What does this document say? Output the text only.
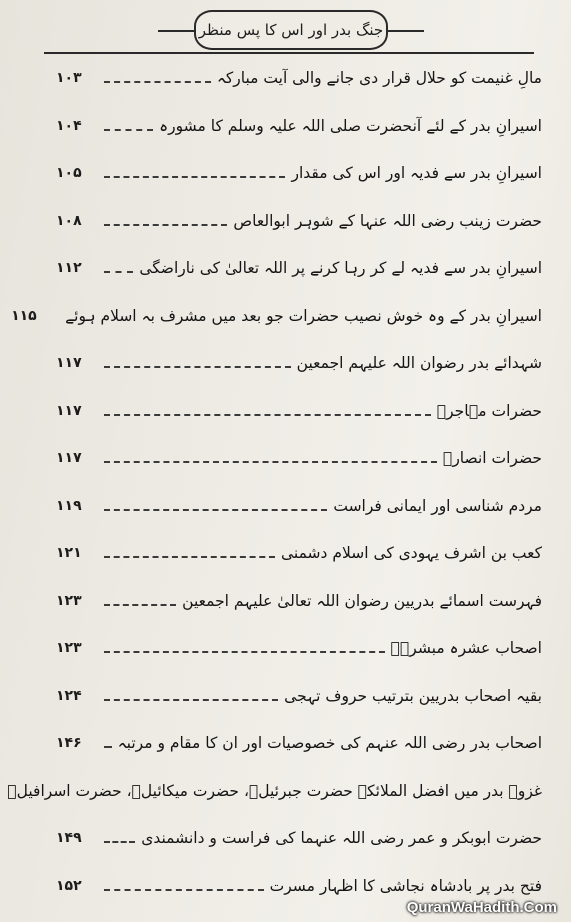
جنگ بدر اور اس کا پس منظر
مالِ غنیمت کو حلال قرار دی جانے والی آیت مبارکہ
۱۰۳
اسیرانِ بدر کے لئے آنحضرت صلی اللہ علیہ وسلم کا مشورہ
۱۰۴
اسیرانِ بدر سے فدیہ اور اس کی مقدار
۱۰۵
حضرت زینب رضی اللہ عنہا کے شوہر ابوالعاص
۱۰۸
اسیرانِ بدر سے فدیہ لے کر رہا کرنے پر اللہ تعالیٰ کی ناراضگی
۱۱۲
اسیرانِ بدر کے وہ خوش نصیب حضرات جو بعد میں مشرف بہ اسلام ہوئے
۱۱۵
شہدائے بدر رضوان اللہ علیہم اجمعین
۱۱۷
حضرات مہاجرؓ
۱۱۷
حضرات انصارؓ
۱۱۷
مردم شناسی اور ایمانی فراست
۱۱۹
کعب بن اشرف یہودی کی اسلام دشمنی
۱۲۱
فہرست اسمائے بدریین رضوان اللہ تعالیٰ علیہم اجمعین
۱۲۳
اصحاب عشرہ مبشرہؓ
۱۲۳
بقیہ اصحاب بدریین بترتیب حروف تہجی
۱۲۴
اصحاب بدر رضی اللہ عنہم کی خصوصیات اور ان کا مقام و مرتبہ
۱۴۶
غزوہ بدر میں افضل الملائکہ حضرت جبرئیلؑ، حضرت میکائیلؑ، حضرت اسرافیلؑ
حضرت ابوبکر و عمر رضی اللہ عنہما کی فراست و دانشمندی
۱۴۹
فتح بدر پر بادشاہ نجاشی کا اظہار مسرت
۱۵۲
QuranWaHadith.Com
